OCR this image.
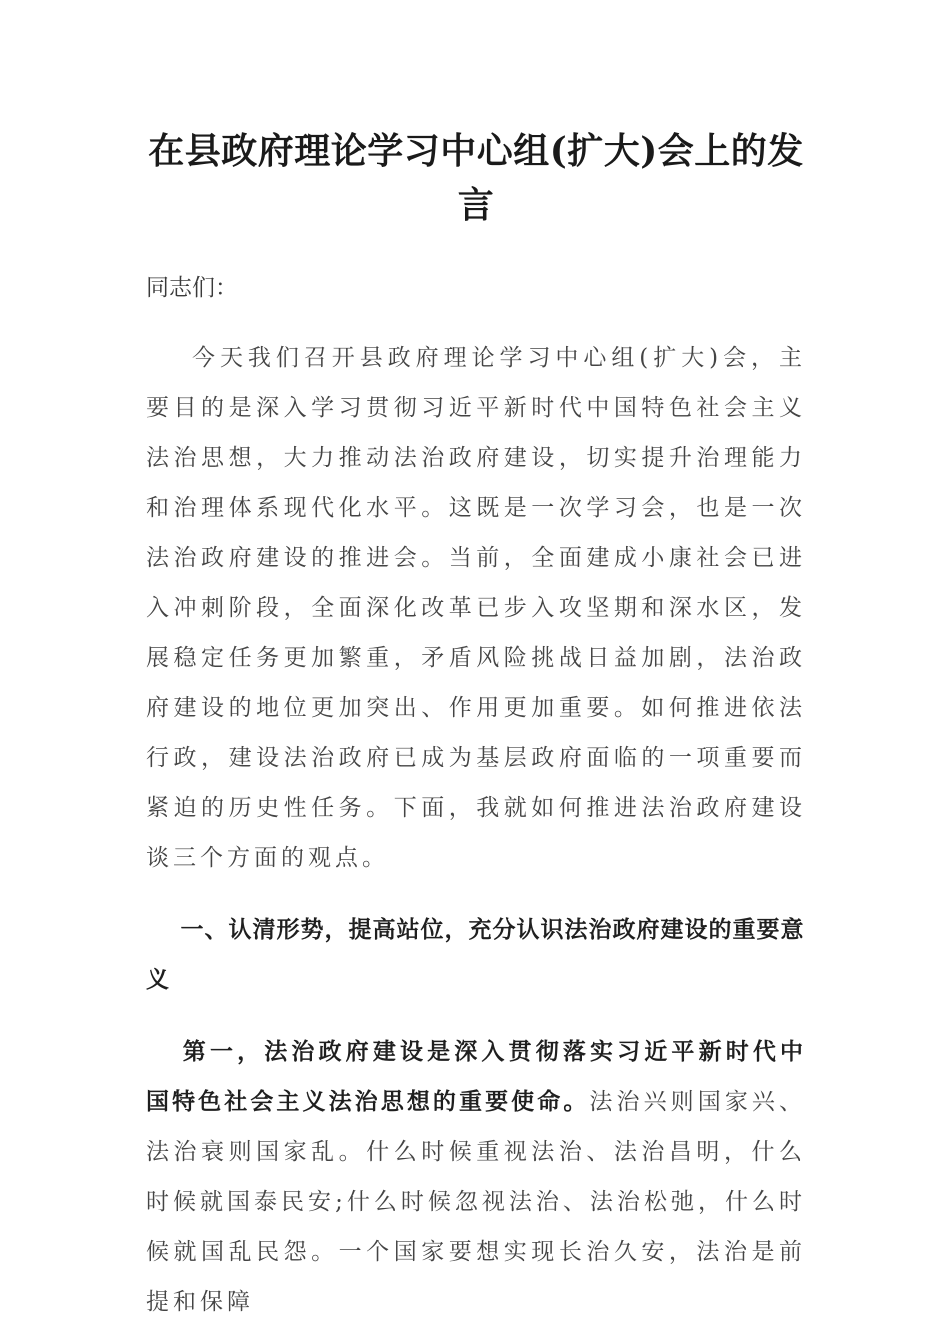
在县政府理论学习中心组(扩大)会上的发言

同志们：

今天我们召开县政府理论学习中心组(扩大)会，主要目的是深入学习贯彻习近平新时代中国特色社会主义法治思想，大力推动法治政府建设，切实提升治理能力和治理体系现代化水平。这既是一次学习会，也是一次法治政府建设的推进会。当前，全面建成小康社会已进入冲刺阶段，全面深化改革已步入攻坚期和深水区，发展稳定任务更加繁重，矛盾风险挑战日益加剧，法治政府建设的地位更加突出、作用更加重要。如何推进依法行政，建设法治政府已成为基层政府面临的一项重要而紧迫的历史性任务。下面，我就如何推进法治政府建设谈三个方面的观点。

一、认清形势，提高站位，充分认识法治政府建设的重要意义

第一，法治政府建设是深入贯彻落实习近平新时代中国特色社会主义法治思想的重要使命。法治兴则国家兴、法治衰则国家乱。什么时候重视法治、法治昌明，什么时候就国泰民安;什么时候忽视法治、法治松弛，什么时候就国乱民怨。一个国家要想实现长治久安，法治是前提和保障
